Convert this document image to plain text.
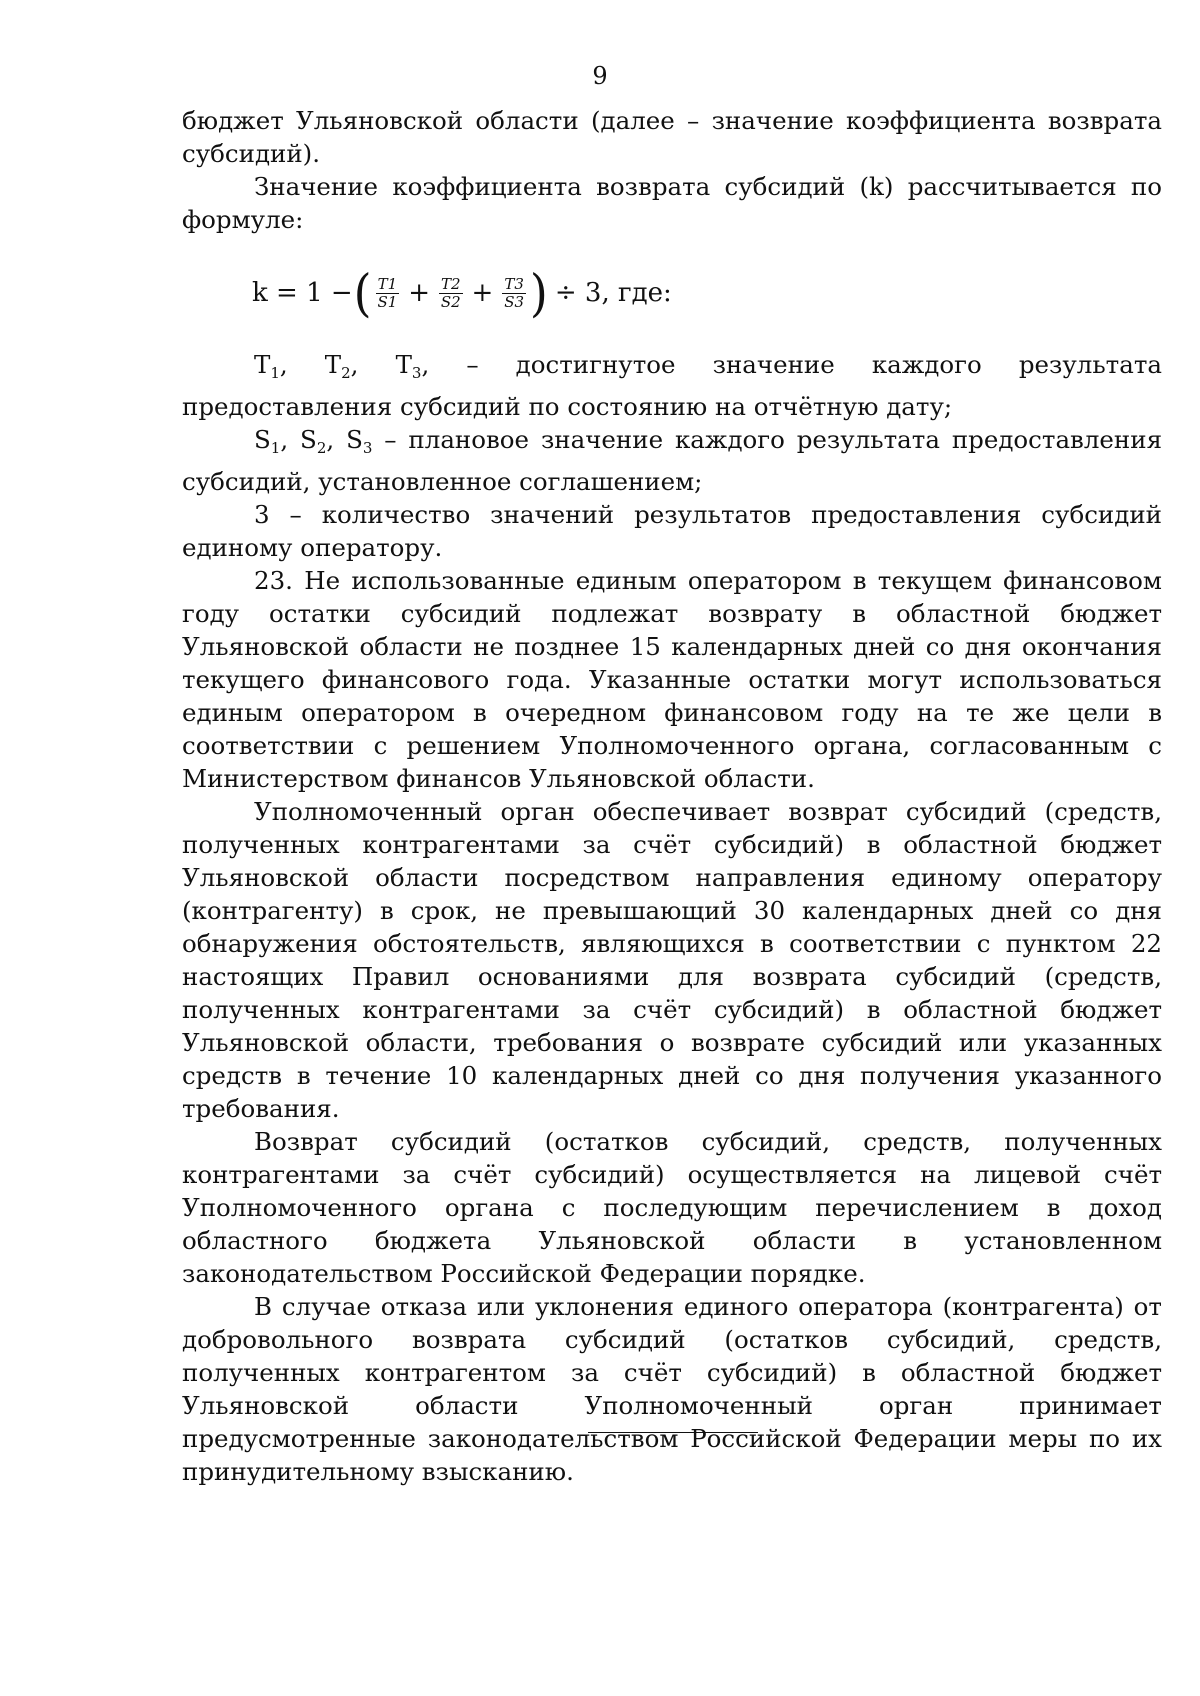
9

бюджет Ульяновской области (далее – значение коэффициента возврата субсидий).

Значение коэффициента возврата субсидий (k) рассчитывается по формуле:

k = 1 − ( $\frac{T1}{S1} + \frac{T2}{S2} + \frac{T3}{S3}$ ) ÷ 3, где:

$T_1$, $T_2$, $T_3$, – достигнутое значение каждого результата предоставления субсидий по состоянию на отчётную дату;

$S_1$, $S_2$, $S_3$ – плановое значение каждого результата предоставления субсидий, установленное соглашением;

3 – количество значений результатов предоставления субсидий единому оператору.

23. Не использованные единым оператором в текущем финансовом году остатки субсидий подлежат возврату в областной бюджет Ульяновской области не позднее 15 календарных дней со дня окончания текущего финансового года. Указанные остатки могут использоваться единым оператором в очередном финансовом году на те же цели в соответствии с решением Уполномоченного органа, согласованным с Министерством финансов Ульяновской области.

Уполномоченный орган обеспечивает возврат субсидий (средств, полученных контрагентами за счёт субсидий) в областной бюджет Ульяновской области посредством направления единому оператору (контрагенту) в срок, не превышающий 30 календарных дней со дня обнаружения обстоятельств, являющихся в соответствии с пунктом 22 настоящих Правил основаниями для возврата субсидий (средств, полученных контрагентами за счёт субсидий) в областной бюджет Ульяновской области, требования о возврате субсидий или указанных средств в течение 10 календарных дней со дня получения указанного требования.

Возврат субсидий (остатков субсидий, средств, полученных контрагентами за счёт субсидий) осуществляется на лицевой счёт Уполномоченного органа с последующим перечислением в доход областного бюджета Ульяновской области в установленном законодательством Российской Федерации порядке.

В случае отказа или уклонения единого оператора (контрагента) от добровольного возврата субсидий (остатков субсидий, средств, полученных контрагентом за счёт субсидий) в областной бюджет Ульяновской области Уполномоченный орган принимает предусмотренные законодательством Российской Федерации меры по их принудительному взысканию.
